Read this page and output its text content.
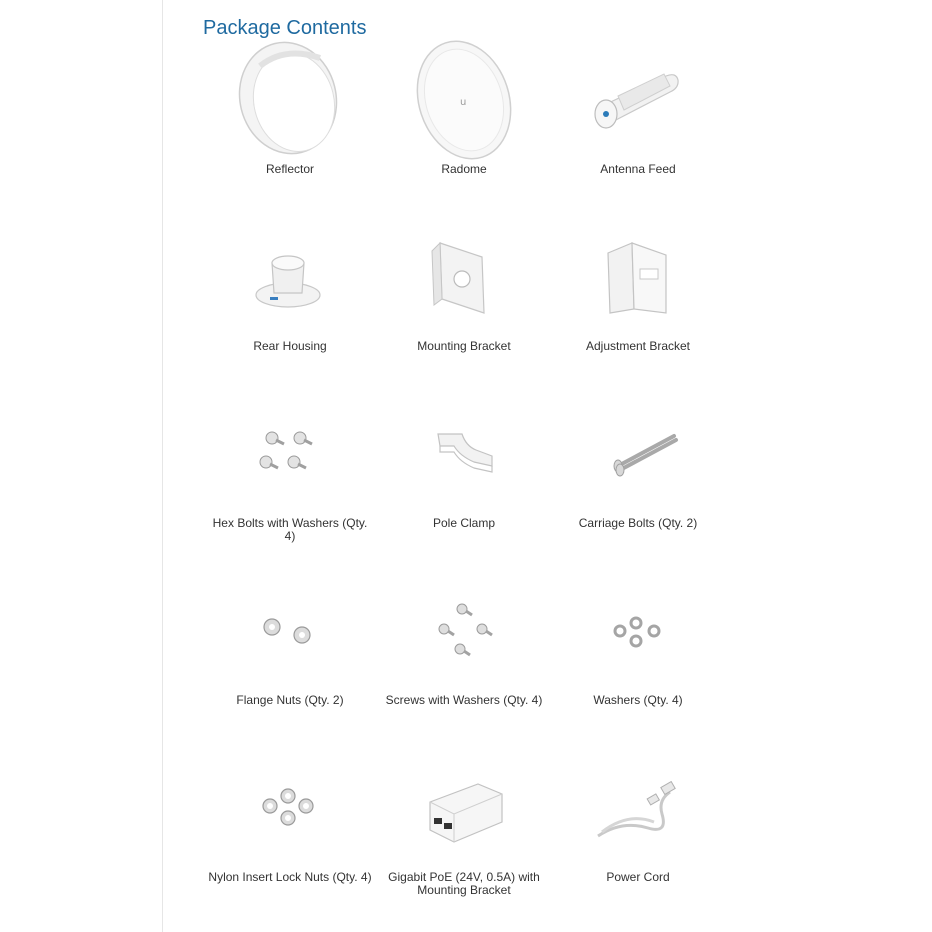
Package Contents
Reflector
u
Radome	Antenna Feed
Rear Housing	Mounting Bracket	Adjustment Bracket
Hex Bolts with Washers (Qty. 4)
Pole Clamp	Carriage Bolts (Qty. 2)
Flange Nuts (Qty. 2)	Screws with Washers (Qty. 4)	Washers (Qty. 4)
Nylon Insert Lock Nuts (Qty. 4)	Gigabit PoE (24V, 0.5A) with Mounting Bracket
Power Cord
